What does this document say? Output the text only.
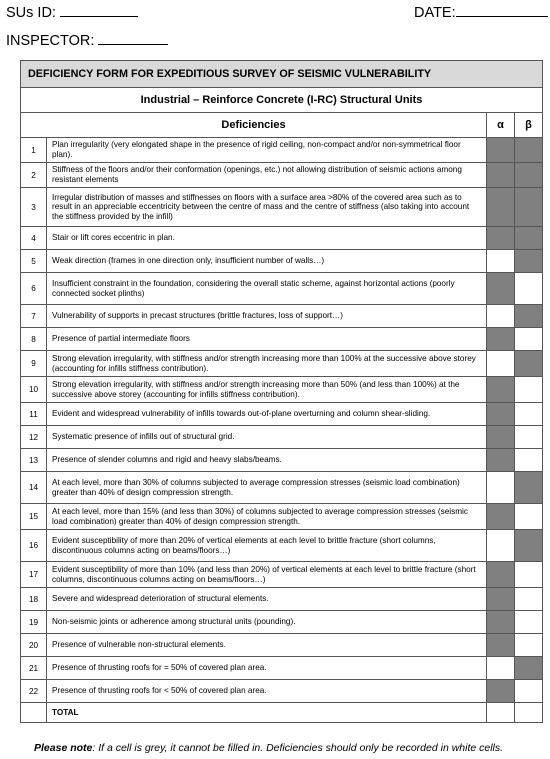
SUs ID:	DATE:
INSPECTOR:
DEFICIENCY FORM FOR EXPEDITIOUS SURVEY OF SEISMIC VULNERABILITY			
Industrial – Reinforce Concrete (I-RC) Structural Units			
Deficiencies		α	β
1	Plan irregularity (very elongated shape in the presence of rigid ceiling, non-compact and/or non-symmetrical floor plan).		
2	Stiffness of the floors and/or their conformation (openings, etc.) not allowing distribution of seismic actions among resistant elements		
3	Irregular distribution of masses and stiffnesses on floors with a surface area >80% of the covered area such as to result in an appreciable eccentricity between the centre of mass and the centre of stiffness (also taking into account the stiffness provided by the infill)		
4	Stair or lift cores eccentric in plan.		
5	Weak direction (frames in one direction only, insufficient number of walls…)		
6	Insufficient constraint in the foundation, considering the overall static scheme, against horizontal actions (poorly connected socket plinths)		
7	Vulnerability of supports in precast structures (brittle fractures, loss of support…)		
8	Presence of partial intermediate floors		
9	Strong elevation irregularity, with stiffness and/or strength increasing more than 100% at the successive above storey (accounting for infills stiffness contribution).		
10	Strong elevation irregularity, with stiffness and/or strength increasing more than 50% (and less than 100%) at the successive above storey (accounting for infills stiffness contribution).		
11	Evident and widespread vulnerability of infills towards out-of-plane overturning and column shear-sliding.		
12	Systematic presence of infills out of structural grid.		
13	Presence of slender columns and rigid and heavy slabs/beams.		
14	At each level, more than 30% of columns subjected to average compression stresses (seismic load combination) greater than 40% of design compression strength.		
15	At each level, more than 15% (and less than 30%) of columns subjected to average compression stresses (seismic load combination) greater than 40% of design compression strength.		
16	Evident susceptibility of more than 20% of vertical elements at each level to brittle fracture (short columns, discontinuous columns acting on beams/floors…)		
17	Evident susceptibility of more than 10% (and less than 20%) of vertical elements at each level to brittle fracture (short columns, discontinuous columns acting on beams/floors…)		
18	Severe and widespread deterioration of structural elements.		
19	Non-seismic joints or adherence among structural units (pounding).		
20	Presence of vulnerable non-structural elements.		
21	Presence of thrusting roofs for = 50% of covered plan area.		
22	Presence of thrusting roofs for < 50% of covered plan area.		
	TOTAL		
Please note: If a cell is grey, it cannot be filled in. Deficiencies should only be recorded in white cells.
